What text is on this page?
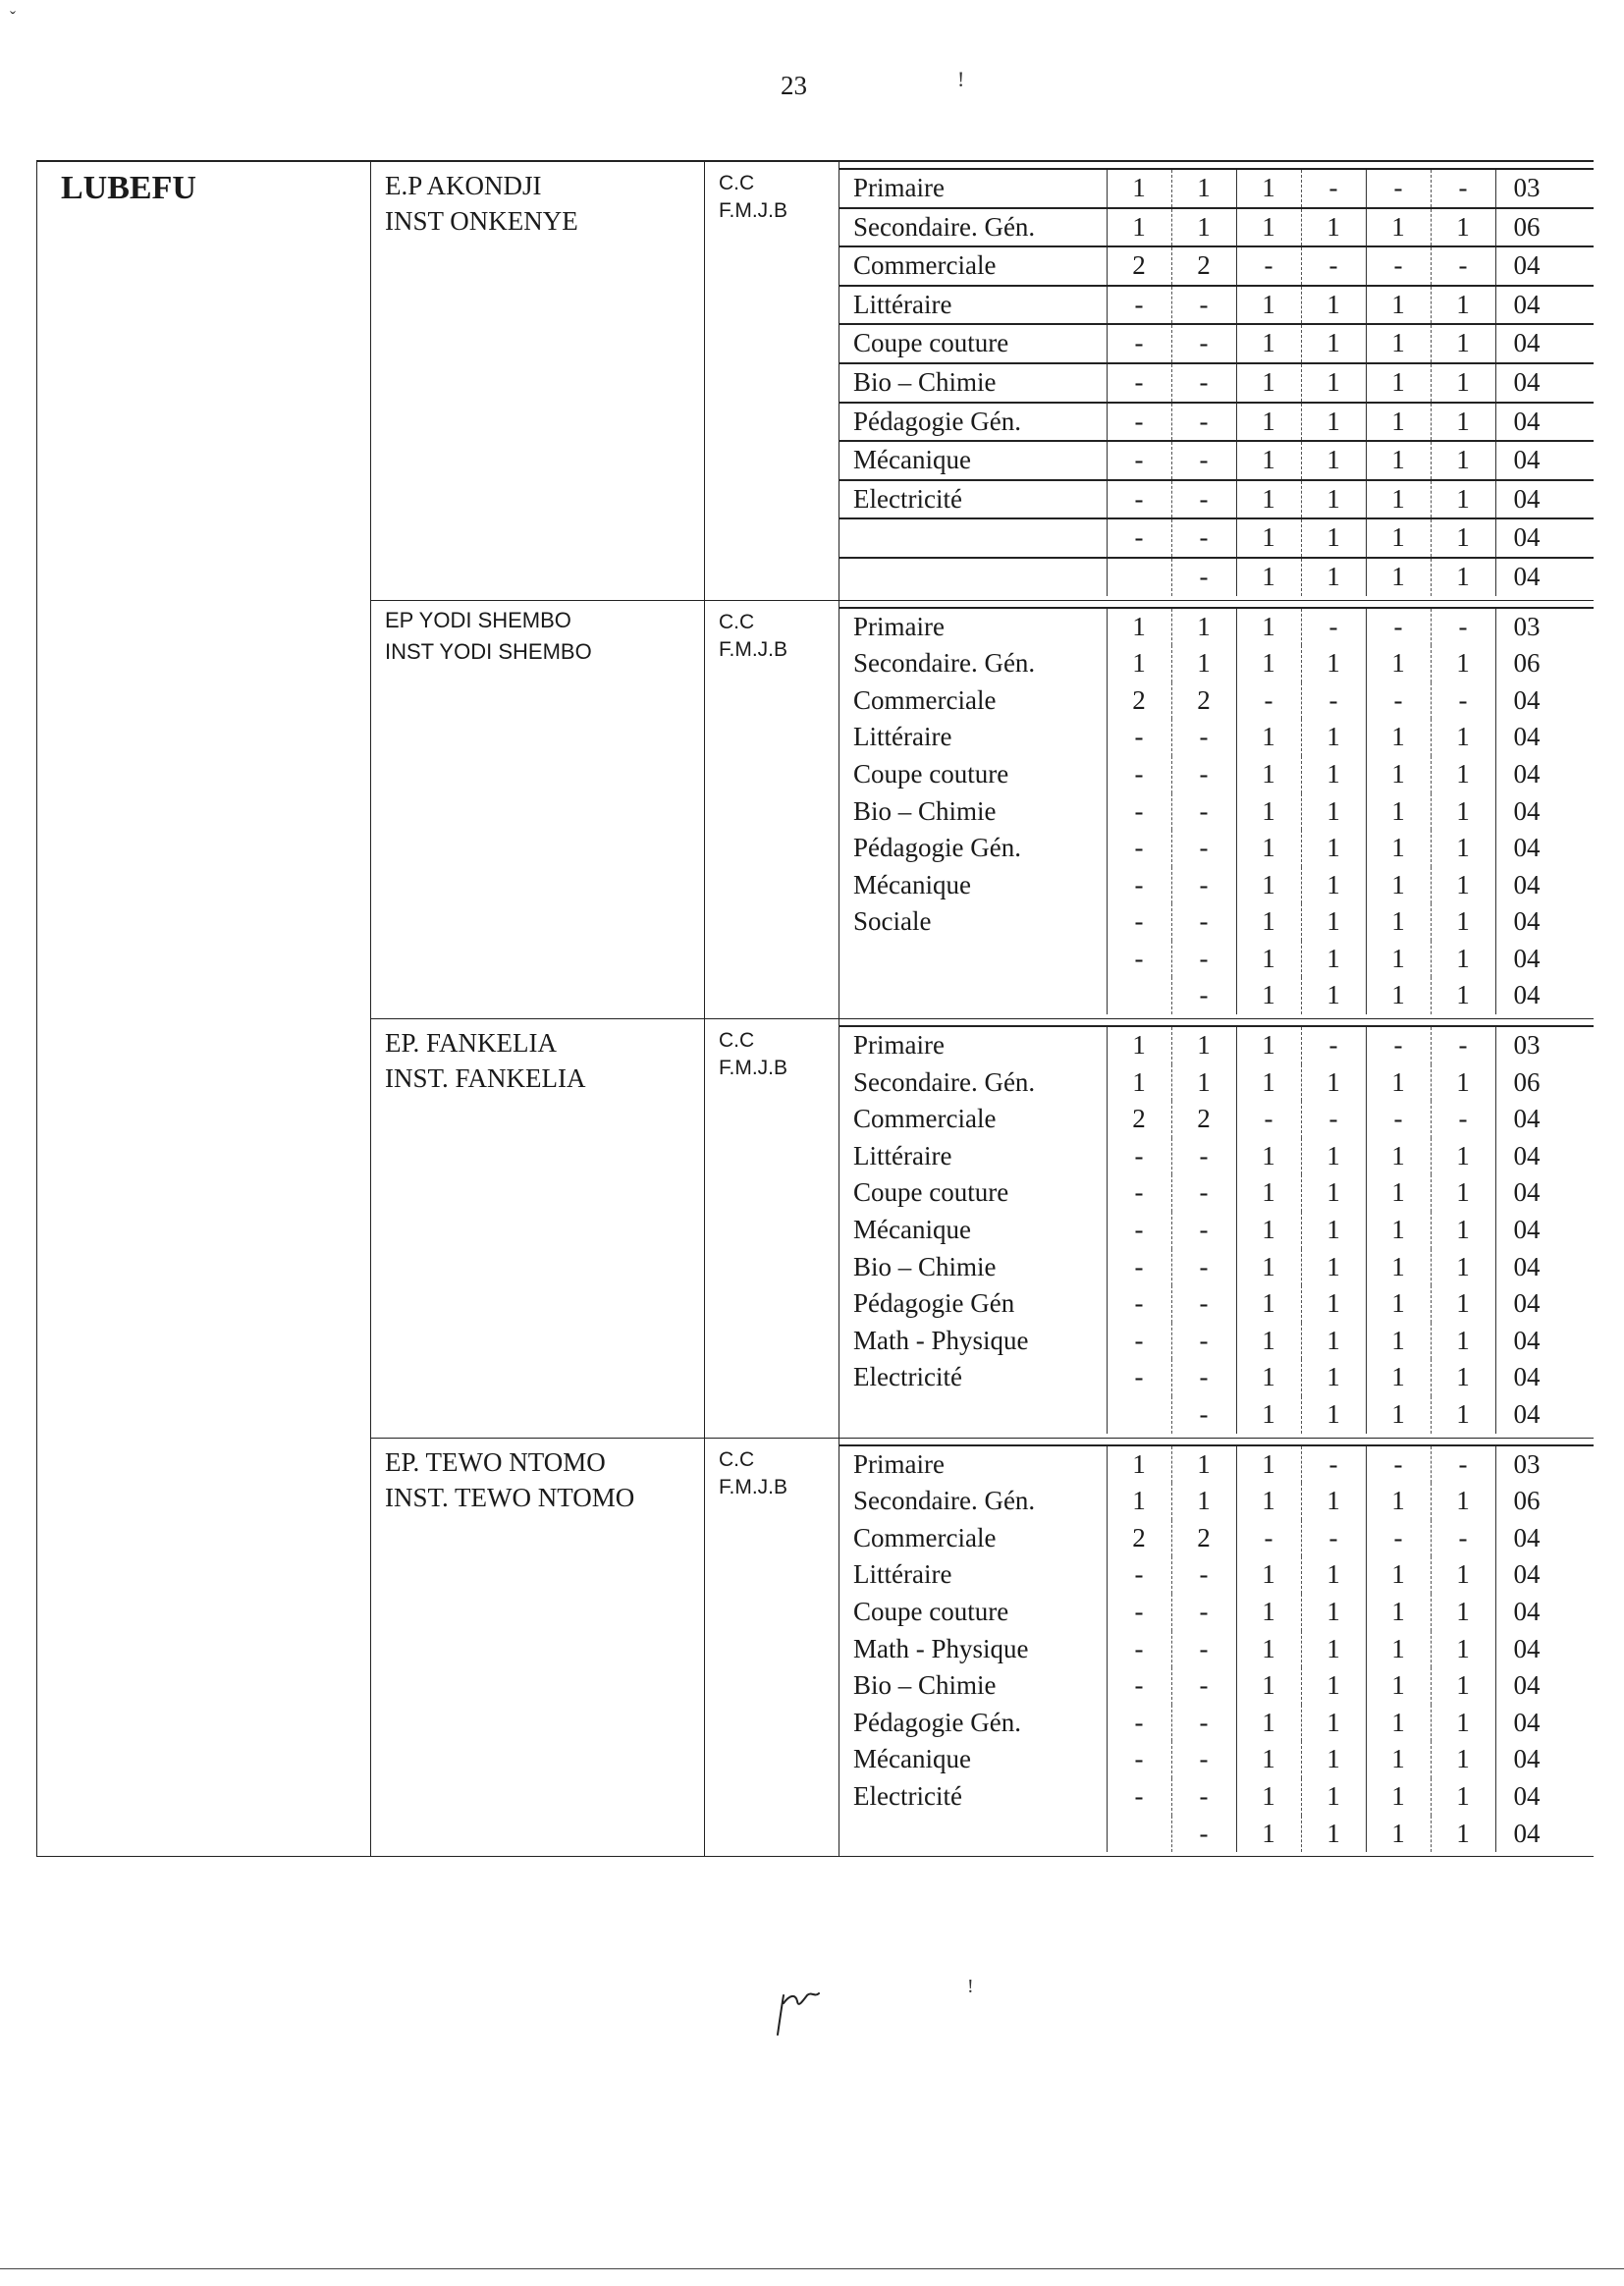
23	!
ˇ
LUBEFU	E.P AKONDJI
INST ONKENYE

C.C
F.M.J.B

Primaire	1	1	1	-	-	-	03
Secondaire. Gén.	1	1	1	1	1	1	06
Commerciale	2	2	-	-	-	-	04
Littéraire	-	-	1	1	1	1	04
Coupe couture	-	-	1	1	1	1	04
Bio – Chimie	-	-	1	1	1	1	04
Pédagogie Gén.	-	-	1	1	1	1	04
Mécanique	-	-	1	1	1	1	04
Electricité	-	-	1	1	1	1	04
	-	-	1	1	1	1	04
		-	1	1	1	1	04

EP YODI SHEMBO
INST YODI SHEMBO

C.C
F.M.J.B

Primaire	1	1	1	-	-	-	03
Secondaire. Gén.	1	1	1	1	1	1	06
Commerciale	2	2	-	-	-	-	04
Littéraire	-	-	1	1	1	1	04
Coupe couture	-	-	1	1	1	1	04
Bio – Chimie	-	-	1	1	1	1	04
Pédagogie Gén.	-	-	1	1	1	1	04
Mécanique	-	-	1	1	1	1	04
Sociale	-	-	1	1	1	1	04
	-	-	1	1	1	1	04
		-	1	1	1	1	04

EP. FANKELIA
INST. FANKELIA

C.C
F.M.J.B

Primaire	1	1	1	-	-	-	03
Secondaire. Gén.	1	1	1	1	1	1	06
Commerciale	2	2	-	-	-	-	04
Littéraire	-	-	1	1	1	1	04
Coupe couture	-	-	1	1	1	1	04
Mécanique	-	-	1	1	1	1	04
Bio – Chimie	-	-	1	1	1	1	04
Pédagogie Gén	-	-	1	1	1	1	04
Math - Physique	-	-	1	1	1	1	04
Electricité	-	-	1	1	1	1	04
		-	1	1	1	1	04

EP. TEWO NTOMO
INST. TEWO NTOMO

C.C
F.M.J.B

Primaire	1	1	1	-	-	-	03
Secondaire. Gén.	1	1	1	1	1	1	06
Commerciale	2	2	-	-	-	-	04
Littéraire	-	-	1	1	1	1	04
Coupe couture	-	-	1	1	1	1	04
Math - Physique	-	-	1	1	1	1	04
Bio – Chimie	-	-	1	1	1	1	04
Pédagogie Gén.	-	-	1	1	1	1	04
Mécanique	-	-	1	1	1	1	04
Electricité	-	-	1	1	1	1	04
		-	1	1	1	1	04
!
